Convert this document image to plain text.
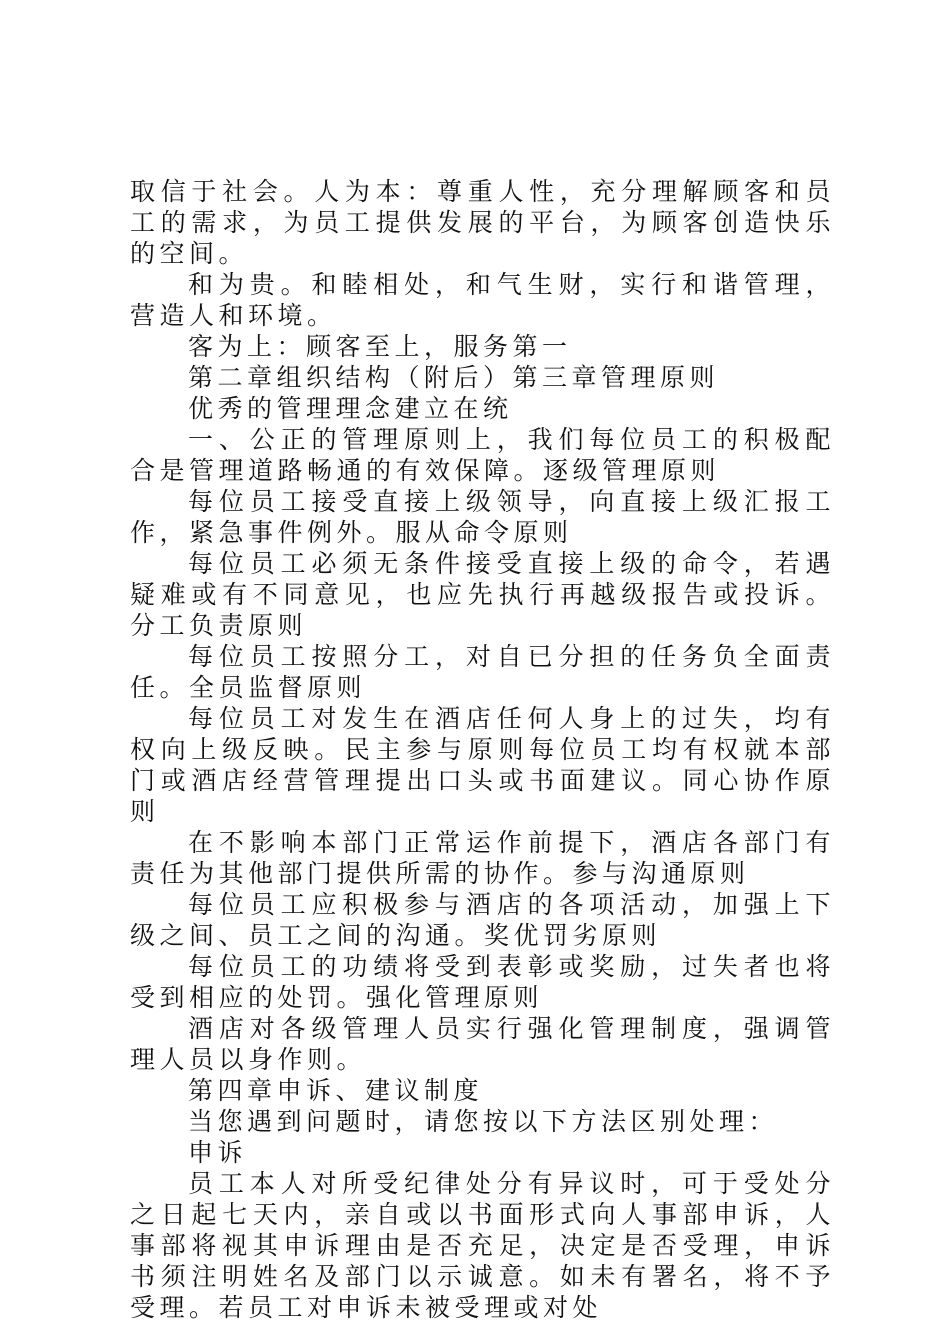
取信于社会。人为本：尊重人性，充分理解顾客和员工的需求，为员工提供发展的平台，为顾客创造快乐的空间。

和为贵。和睦相处，和气生财，实行和谐管理，营造人和环境。

客为上：顾客至上，服务第一

第二章组织结构（附后）第三章管理原则

优秀的管理理念建立在统

一、公正的管理原则上，我们每位员工的积极配合是管理道路畅通的有效保障。逐级管理原则

每位员工接受直接上级领导，向直接上级汇报工作，紧急事件例外。服从命令原则

每位员工必须无条件接受直接上级的命令，若遇疑难或有不同意见，也应先执行再越级报告或投诉。分工负责原则

每位员工按照分工，对自已分担的任务负全面责任。全员监督原则

每位员工对发生在酒店任何人身上的过失，均有权向上级反映。民主参与原则每位员工均有权就本部门或酒店经营管理提出口头或书面建议。同心协作原则

在不影响本部门正常运作前提下，酒店各部门有责任为其他部门提供所需的协作。参与沟通原则

每位员工应积极参与酒店的各项活动，加强上下级之间、员工之间的沟通。奖优罚劣原则

每位员工的功绩将受到表彰或奖励，过失者也将受到相应的处罚。强化管理原则

酒店对各级管理人员实行强化管理制度，强调管理人员以身作则。

第四章申诉、建议制度

当您遇到问题时，请您按以下方法区别处理：

申诉

员工本人对所受纪律处分有异议时，可于受处分之日起七天内，亲自或以书面形式向人事部申诉，人事部将视其申诉理由是否充足，决定是否受理，申诉书须注明姓名及部门以示诚意。如未有署名，将不予受理。若员工对申诉未被受理或对处
